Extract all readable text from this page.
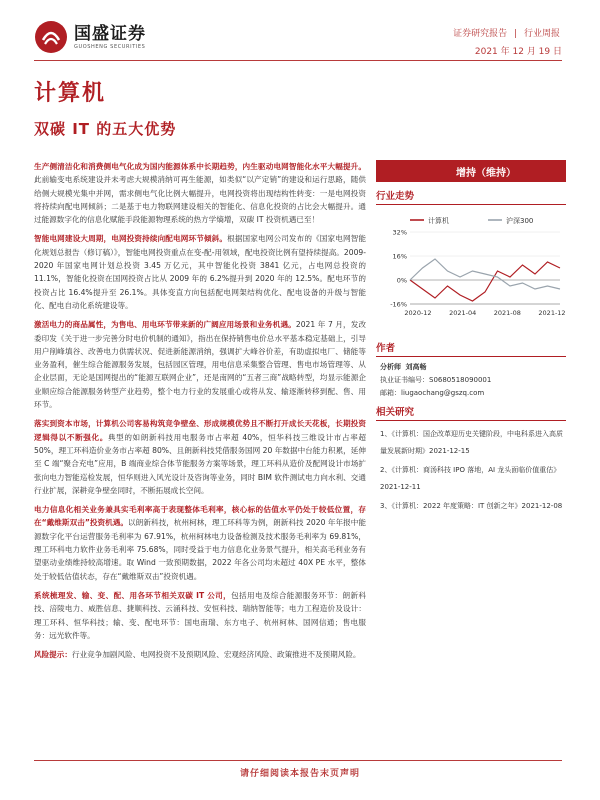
国盛证券
GUOSHENG SECURITIES
证券研究报告 | 行业周报
2021 年 12 月 19 日
计算机
双碳 IT 的五大优势

生产侧清洁化和消费侧电气化成为国内能源体系中长期趋势，内生驱动电网智能化水平大幅提升。此前输变电系统建设并未考虑大规模消纳可再生能源，如类似“以产定销”的建设和运行思路，随供给侧大规模光集中并网，需求侧电气化比例大幅提升，电网投资将出现结构性转变：一是电网投资将持续向配电网倾斜；二是基于电力物联网建设相关的智能化、信息化投资的占比会大幅提升。通过能源数字化的信息化赋能手段能源物理系统的热方学熵增，双碳 IT 投资机遇已至！

智能电网建设大周期，电网投资持续向配电网环节倾斜。根据国家电网公司发布的《国家电网智能化规划总报告（修订稿）》，智能电网投资重点在变-配-用领域，配电投资比例有望持续提高。2009-2020 年国家电网计划总投资 3.45 万亿元，其中智能化投资 3841 亿元，占电网总投资的 11.1%，智能化投资在国网投资占比从 2009 年的 6.2%提升到 2020 年的 12.5%。配电环节的投资占比 16.4%提升至 26.1%。具体变直方向包括配电网架结构优化、配电设备的升级与智能化、配电自动化系统建设等。

激活电力的商品属性，为售电、用电环节带来新的广阔应用场景和业务机遇。2021 年 7 月，发改委印发《关于进一步完善分时电价机制的通知》，指出在保持销售电价总水平基本稳定基础上，引导用户削峰填谷、改善电力供需状况、促进新能源消纳，强调扩大峰谷价差，有助虚拟电厂、储能等业务盈利，催生综合能源服务发展，包括园区管理，用电信息采集整合管理、售电市场管理等、从企业层面，无论是国网提出的“能源互联网企业”，还是南网的“五者三商”战略转型，均显示能源企业顺应综合能源服务转型产业趋势，整个电力行业的发展重心或将从发、输逐渐转移到配、售、用环节。

落实到资本市场，计算机公司客易构筑竞争壁垒、形成规模优势且不断打开成长天花板，长期投资逻辑得以不断强化。典型的如朗新科技用电服务市占率超 40%，恒华科技三维设计市占率超 50%，理工环科造价业务市占率超 80%、且朗新科技凭借服务国网 20 年数据中台能力积累，延伸至 C 端“聚合充电”应用，B 端商业综合体节能服务方案等场景，理工环科从造价及配网设计市场扩张向电力智能巡检发展，恒华则进入风光设计及咨询等业务，同时 BIM 软件测试电力向水利、交通行业扩展，深耕竞争壁垒同时，不断拓展成长空间。

电力信息化相关业务兼具实毛利率高于表现整体毛利率，核心标的估值水平仍处于较低位置，存在“戴维斯双击”投资机遇。以朗新科技，杭州柯林，理工环科等为例，朗新科技 2020 年年报中能源数字化平台运营服务毛利率为 67.91%，杭州柯林电力设备检测及技术服务毛利率为 69.81%，理工环科电力软件业务毛利率 75.68%，同时受益于电力信息化业务景气提升，相关高毛利业务有望驱动业绩维持较高增速。取 Wind 一致预期数据，2022 年各公司均未超过 40X PE 水平，整体处于较低估值状态，存在“戴维斯双击”投资机遇。

系统梳理发、输、变、配、用各环节相关双碳 IT 公司，包括用电及综合能源服务环节：朗新科技、涪陵电力、威胜信息、捷顺科技、云涌科技、安恒科技、瑞纳智能等；电力工程造价及设计：理工环科、恒华科技；输、变、配电环节：国电南瑞、东方电子、杭州柯林、国网信通；售电服务：远光软件等。

风险提示：行业竞争加剧风险、电网投资不及预期风险、宏观经济风险、政策推进不及预期风险。

增持（维持）
行业走势
计算机	沪深300
32%
16%
0%
-16%
2020-12	2021-04	2021-08	2021-12
作者
分析师 刘高畅
执业证书编号：S0680518090001
邮箱：liugaochang@gszq.com
相关研究
1、《计算机：国企改革迎历史关键阶段，中电科系进入高质量发展新时期》2021-12-15
2、《计算机：商汤科技 IPO 落地，AI 龙头面临价值重估》2021-12-11
3、《计算机：2022 年度策略：IT 创新之年》2021-12-08
请仔细阅读本报告末页声明
